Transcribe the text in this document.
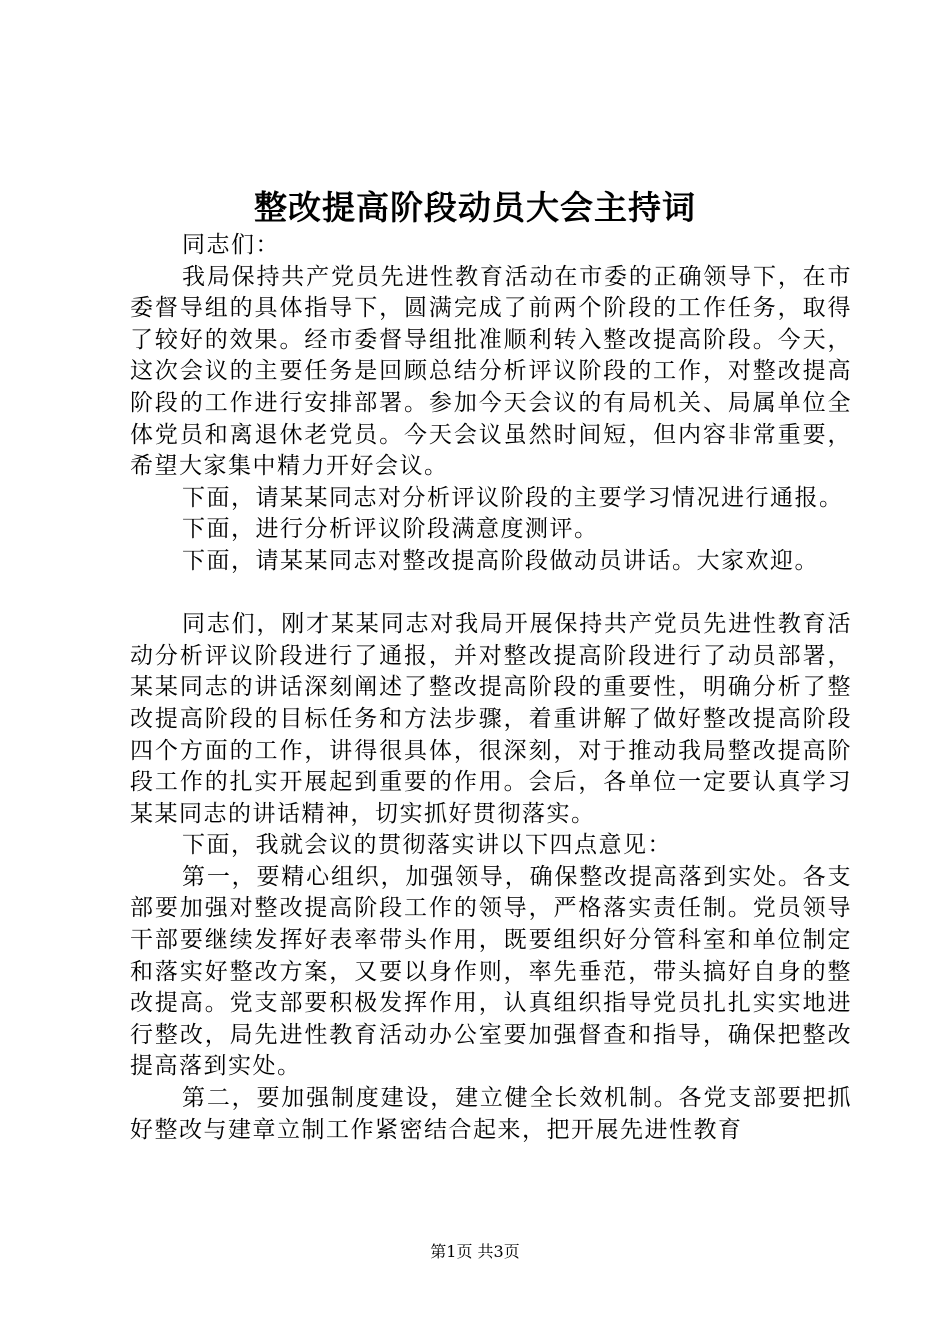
整改提高阶段动员大会主持词

同志们：

我局保持共产党员先进性教育活动在市委的正确领导下，在市委督导组的具体指导下，圆满完成了前两个阶段的工作任务，取得了较好的效果。经市委督导组批准顺利转入整改提高阶段。今天，这次会议的主要任务是回顾总结分析评议阶段的工作，对整改提高阶段的工作进行安排部署。参加今天会议的有局机关、局属单位全体党员和离退休老党员。今天会议虽然时间短，但内容非常重要，希望大家集中精力开好会议。

下面，请某某同志对分析评议阶段的主要学习情况进行通报。

下面，进行分析评议阶段满意度测评。

下面，请某某同志对整改提高阶段做动员讲话。大家欢迎。

同志们，刚才某某同志对我局开展保持共产党员先进性教育活动分析评议阶段进行了通报，并对整改提高阶段进行了动员部署，某某同志的讲话深刻阐述了整改提高阶段的重要性，明确分析了整改提高阶段的目标任务和方法步骤，着重讲解了做好整改提高阶段四个方面的工作，讲得很具体，很深刻，对于推动我局整改提高阶段工作的扎实开展起到重要的作用。会后，各单位一定要认真学习某某同志的讲话精神，切实抓好贯彻落实。

下面，我就会议的贯彻落实讲以下四点意见：

第一，要精心组织，加强领导，确保整改提高落到实处。各支部要加强对整改提高阶段工作的领导，严格落实责任制。党员领导干部要继续发挥好表率带头作用，既要组织好分管科室和单位制定和落实好整改方案，又要以身作则，率先垂范，带头搞好自身的整改提高。党支部要积极发挥作用，认真组织指导党员扎扎实实地进行整改，局先进性教育活动办公室要加强督查和指导，确保把整改提高落到实处。

第二，要加强制度建设，建立健全长效机制。各党支部要把抓好整改与建章立制工作紧密结合起来，把开展先进性教育

第1页 共3页
